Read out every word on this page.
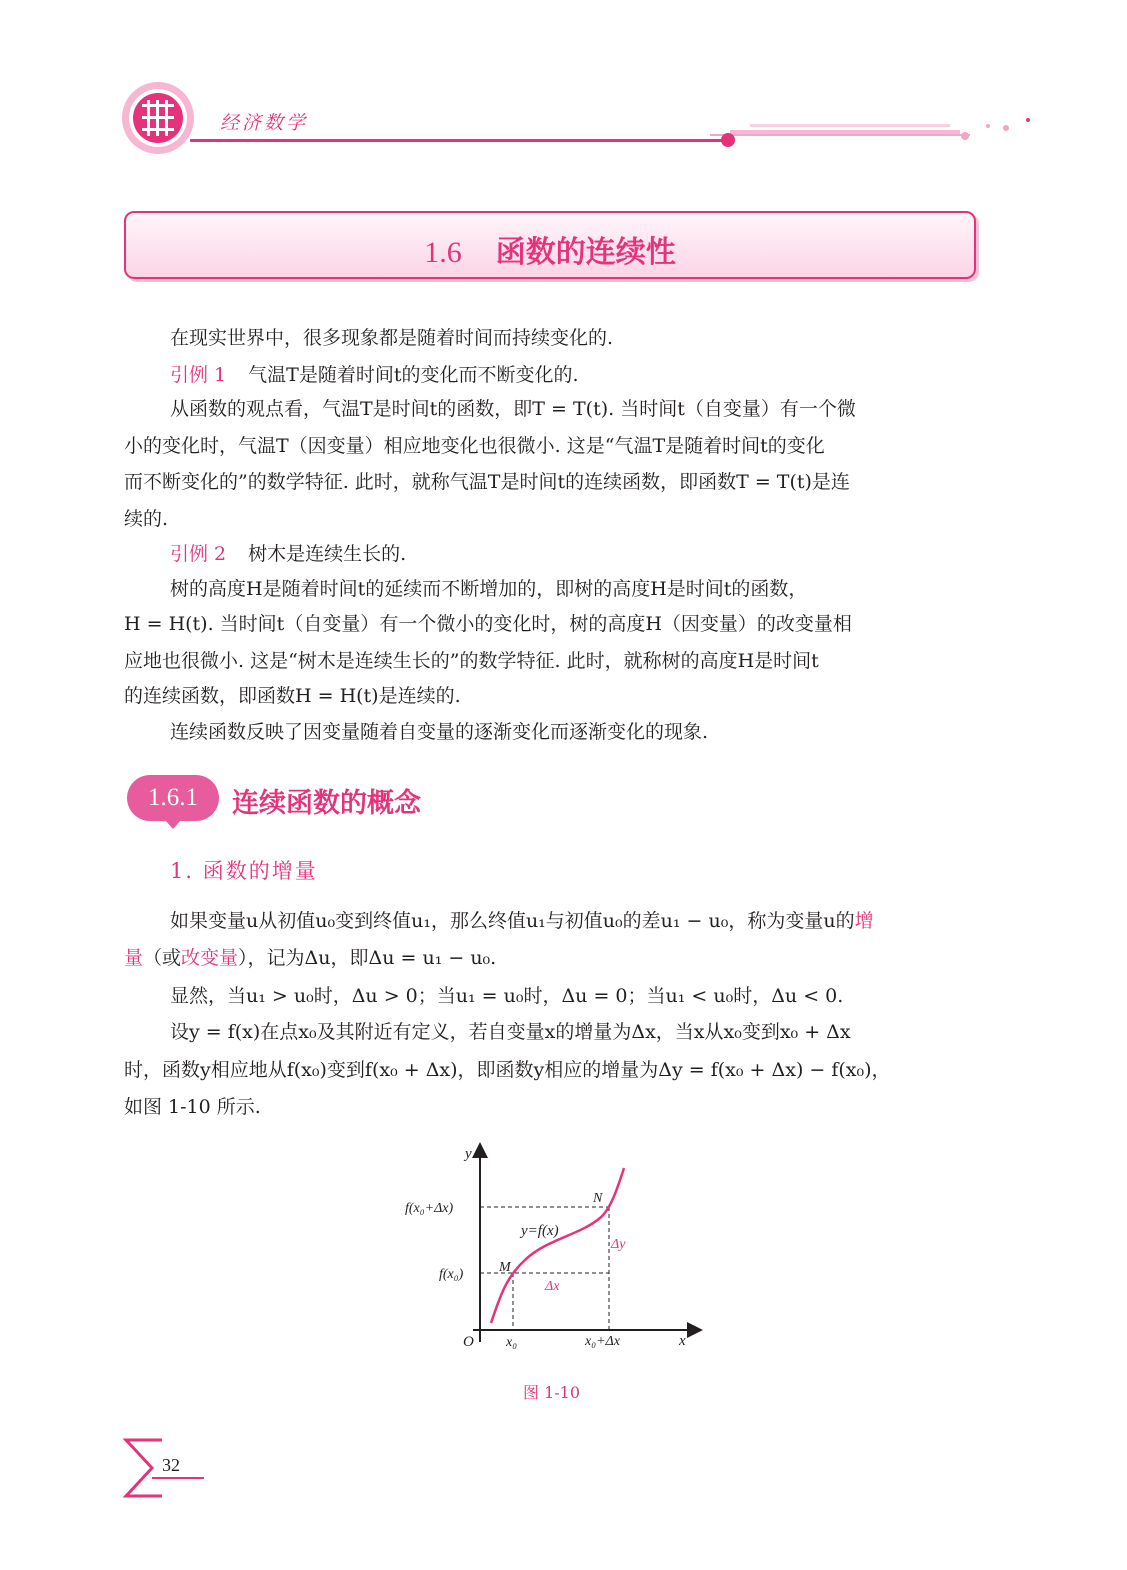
经济数学
1.6 函数的连续性

在现实世界中，很多现象都是随着时间而持续变化的.

引例 1 气温T是随着时间t的变化而不断变化的.

从函数的观点看，气温T是时间t的函数，即T = T(t). 当时间t（自变量）有一个微

小的变化时，气温T（因变量）相应地变化也很微小. 这是“气温T是随着时间t的变化

而不断变化的”的数学特征. 此时，就称气温T是时间t的连续函数，即函数T = T(t)是连

续的.

引例 2 树木是连续生长的.

树的高度H是随着时间t的延续而不断增加的，即树的高度H是时间t的函数，

H = H(t). 当时间t（自变量）有一个微小的变化时，树的高度H（因变量）的改变量相

应地也很微小. 这是“树木是连续生长的”的数学特征. 此时，就称树的高度H是时间t

的连续函数，即函数H = H(t)是连续的.

连续函数反映了因变量随着自变量的逐渐变化而逐渐变化的现象.

1.6.1	连续函数的概念
1. 函数的增量

如果变量u从初值u₀变到终值u₁，那么终值u₁与初值u₀的差u₁ − u₀，称为变量u的增

量（或改变量），记为Δu，即Δu = u₁ − u₀.

显然，当u₁ > u₀时，Δu > 0；当u₁ = u₀时，Δu = 0；当u₁ < u₀时，Δu < 0.

设y = f(x)在点x₀及其附近有定义，若自变量x的增量为Δx，当x从x₀变到x₀ + Δx

时，函数y相应地从f(x₀)变到f(x₀ + Δx)，即函数y相应的增量为Δy = f(x₀ + Δx) − f(x₀)，

如图 1-10 所示.

y
x
O x₀	x₀+Δx
f(x₀+Δx)
f(x₀)	M
N
y=f(x)
Δx
Δy
图 1-10
32
